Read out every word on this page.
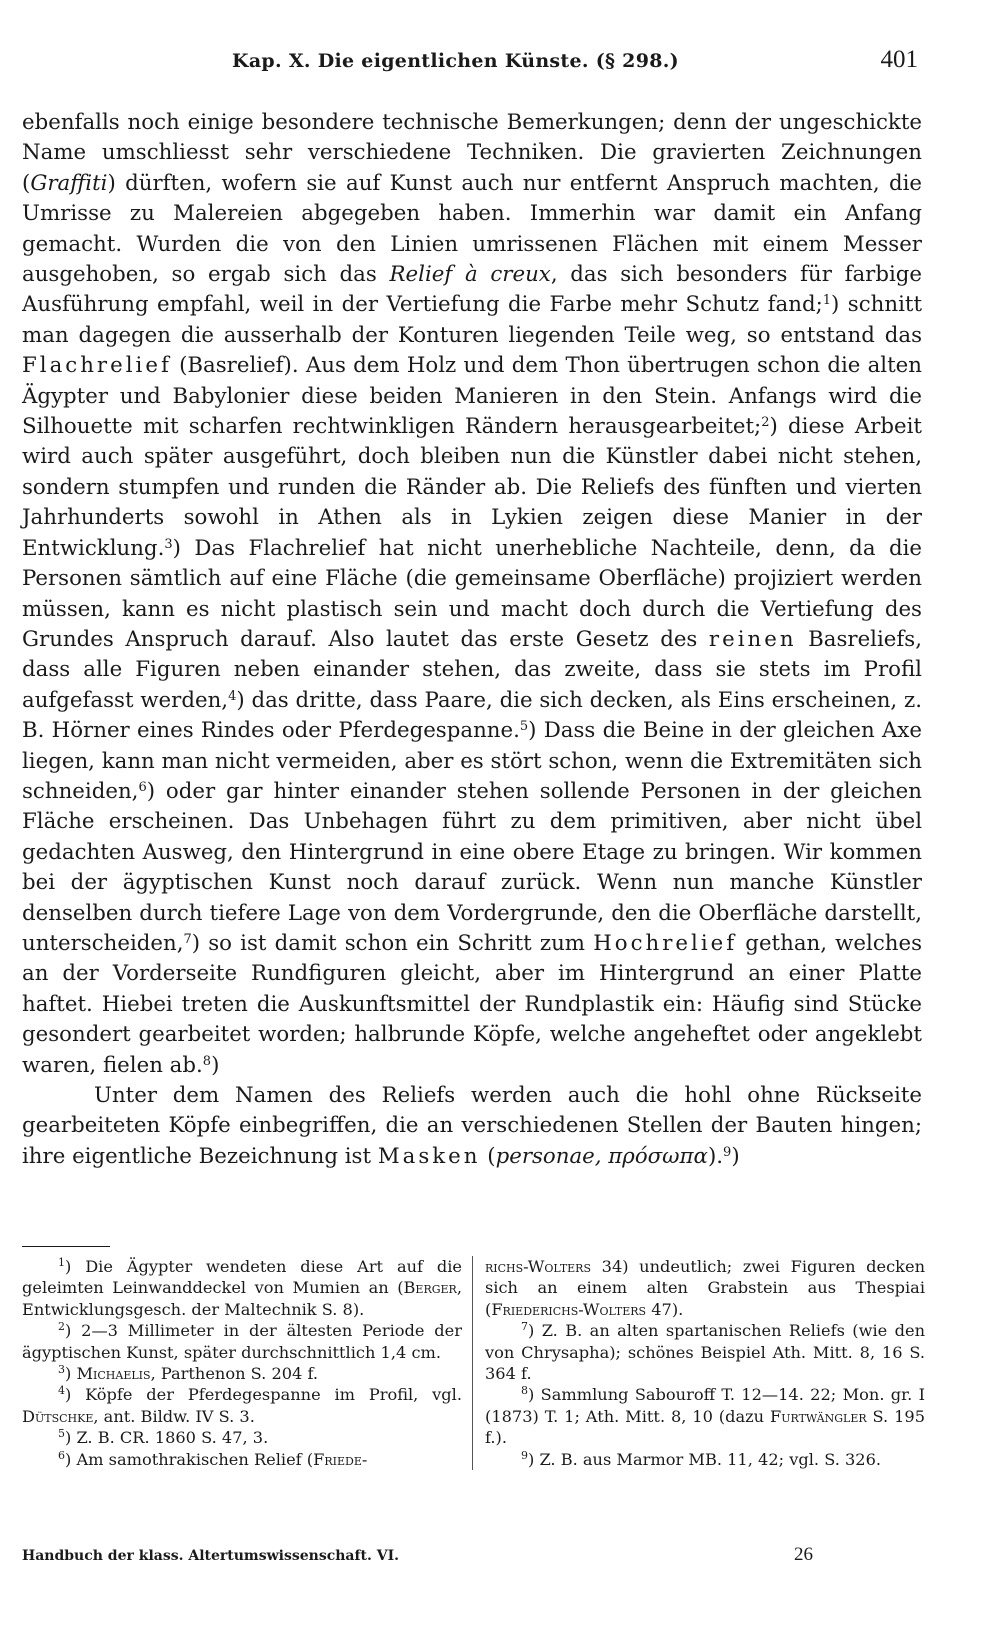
Kap. X. Die eigentlichen Künste. (§ 298.)	401

ebenfalls noch einige besondere technische Bemerkungen; denn der ungeschickte Name umschliesst sehr verschiedene Techniken. Die gravierten Zeichnungen (Graffiti) dürften, wofern sie auf Kunst auch nur entfernt Anspruch machten, die Umrisse zu Malereien abgegeben haben. Immerhin war damit ein Anfang gemacht. Wurden die von den Linien umrissenen Flächen mit einem Messer ausgehoben, so ergab sich das Relief à creux, das sich besonders für farbige Ausführung empfahl, weil in der Vertiefung die Farbe mehr Schutz fand;$^1$) schnitt man dagegen die ausserhalb der Konturen liegenden Teile weg, so entstand das Flachrelief (Basrelief). Aus dem Holz und dem Thon übertrugen schon die alten Ägypter und Babylonier diese beiden Manieren in den Stein. Anfangs wird die Silhouette mit scharfen rechtwinkligen Rändern herausgearbeitet;$^2$) diese Arbeit wird auch später ausgeführt, doch bleiben nun die Künstler dabei nicht stehen, sondern stumpfen und runden die Ränder ab. Die Reliefs des fünften und vierten Jahrhunderts sowohl in Athen als in Lykien zeigen diese Manier in der Entwicklung.$^3$) Das Flachrelief hat nicht unerhebliche Nachteile, denn, da die Personen sämtlich auf eine Fläche (die gemeinsame Oberfläche) projiziert werden müssen, kann es nicht plastisch sein und macht doch durch die Vertiefung des Grundes Anspruch darauf. Also lautet das erste Gesetz des reinen Basreliefs, dass alle Figuren neben einander stehen, das zweite, dass sie stets im Profil aufgefasst werden,$^4$) das dritte, dass Paare, die sich decken, als Eins erscheinen, z. B. Hörner eines Rindes oder Pferdegespanne.$^5$) Dass die Beine in der gleichen Axe liegen, kann man nicht vermeiden, aber es stört schon, wenn die Extremitäten sich schneiden,$^6$) oder gar hinter einander stehen sollende Personen in der gleichen Fläche erscheinen. Das Unbehagen führt zu dem primitiven, aber nicht übel gedachten Ausweg, den Hintergrund in eine obere Etage zu bringen. Wir kommen bei der ägyptischen Kunst noch darauf zurück. Wenn nun manche Künstler denselben durch tiefere Lage von dem Vordergrunde, den die Oberfläche darstellt, unterscheiden,$^7$) so ist damit schon ein Schritt zum Hochrelief gethan, welches an der Vorderseite Rundfiguren gleicht, aber im Hintergrund an einer Platte haftet. Hiebei treten die Auskunftsmittel der Rundplastik ein: Häufig sind Stücke gesondert gearbeitet worden; halbrunde Köpfe, welche angeheftet oder angeklebt waren, fielen ab.$^8$)

Unter dem Namen des Reliefs werden auch die hohl ohne Rückseite gearbeiteten Köpfe einbegriffen, die an verschiedenen Stellen der Bauten hingen; ihre eigentliche Bezeichnung ist Masken (personae, πρόσωπα).$^9$)

$^1$) Die Ägypter wendeten diese Art auf die geleimten Leinwanddeckel von Mumien an (Berger, Entwicklungsgesch. der Maltechnik S. 8).

$^2$) 2—3 Millimeter in der ältesten Periode der ägyptischen Kunst, später durchschnittlich 1,4 cm.

$^3$) Michaelis, Parthenon S. 204 f.

$^4$) Köpfe der Pferdegespanne im Profil, vgl. Dütschke, ant. Bildw. IV S. 3.

$^5$) Z. B. CR. 1860 S. 47, 3.

$^6$) Am samothrakischen Relief (Friede-

richs-Wolters 34) undeutlich; zwei Figuren decken sich an einem alten Grabstein aus Thespiai (Friederichs-Wolters 47).

$^7$) Z. B. an alten spartanischen Reliefs (wie den von Chrysapha); schönes Beispiel Ath. Mitt. 8, 16 S. 364 f.

$^8$) Sammlung Sabouroff T. 12—14. 22; Mon. gr. I (1873) T. 1; Ath. Mitt. 8, 10 (dazu Furtwängler S. 195 f.).

$^9$) Z. B. aus Marmor MB. 11, 42; vgl. S. 326.

Handbuch der klass. Altertumswissenschaft. VI.	26
